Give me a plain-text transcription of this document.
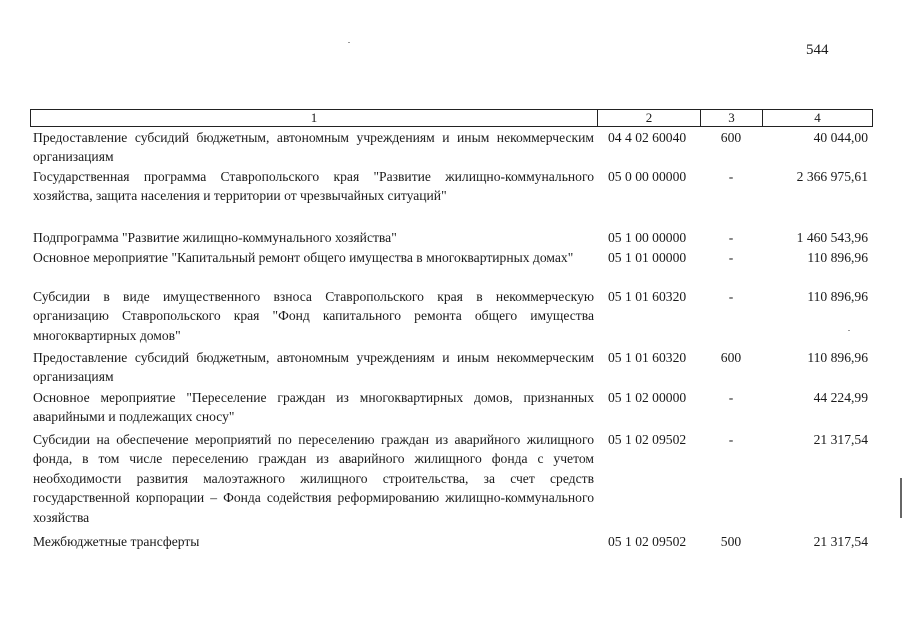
544
1	2	3	4
Предоставление субсидий бюджетным, автономным учреждениям и иным некоммерческим организациям
04 4 02 60040	600	40 044,00
Государственная программа Ставропольского края "Развитие жилищно-коммунального хозяйства, защита населения и территории от чрезвычайных ситуаций"
05 0 00 00000	-	2 366 975,61
Подпрограмма "Развитие жилищно-коммунального хозяйства"	05 1 00 00000	-	1 460 543,96
Основное мероприятие "Капитальный ремонт общего имущества в многоквартирных домах"	05 1 01 00000	-	110 896,96
Субсидии в виде имущественного взноса Ставропольского края в некоммерческую организацию Ставропольского края "Фонд капитального ремонта общего имущества многоквартирных домов"
05 1 01 60320	-	110 896,96
Предоставление субсидий бюджетным, автономным учреждениям и иным некоммерческим организациям
05 1 01 60320	600	110 896,96
Основное мероприятие "Переселение граждан из многоквартирных домов, признанных аварийными и подлежащих сносу"
05 1 02 00000	-	44 224,99
Субсидии на обеспечение мероприятий по переселению граждан из аварийного жилищного фонда, в том числе переселению граждан из аварийного жилищного фонда с учетом необходимости развития малоэтажного жилищного строительства, за счет средств государственной корпорации – Фонда содействия реформированию жилищно-коммунального хозяйства
05 1 02 09502	-	21 317,54
Межбюджетные трансферты	05 1 02 09502	500	21 317,54
